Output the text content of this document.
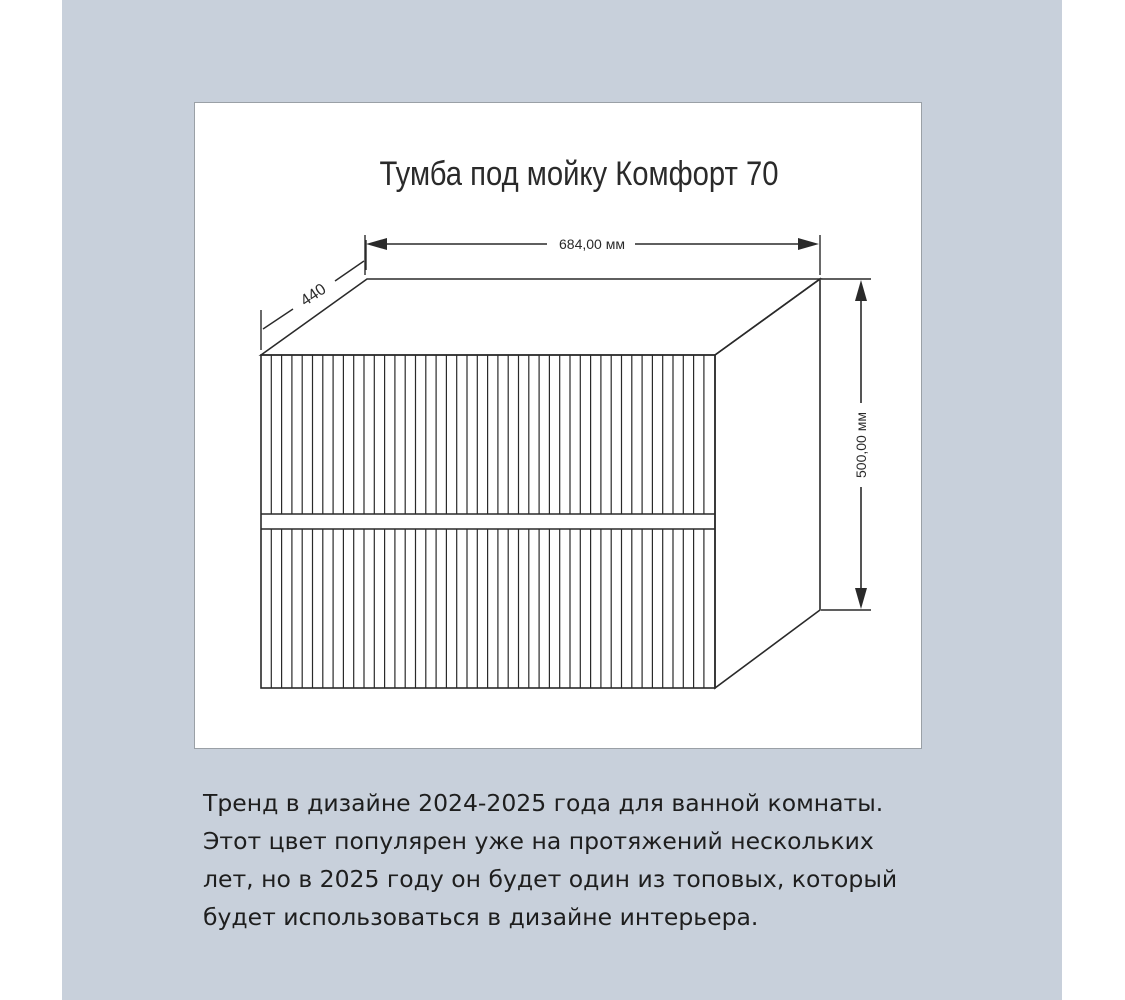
Тумба под мойку Комфорт 70
684,00 мм
440
500,00 мм
Тренд в дизайне 2024-2025 года для ванной комнаты.
Этот цвет популярен уже на протяжений нескольких
лет, но в 2025 году он будет один из топовых, который
будет использоваться в дизайне интерьера.
